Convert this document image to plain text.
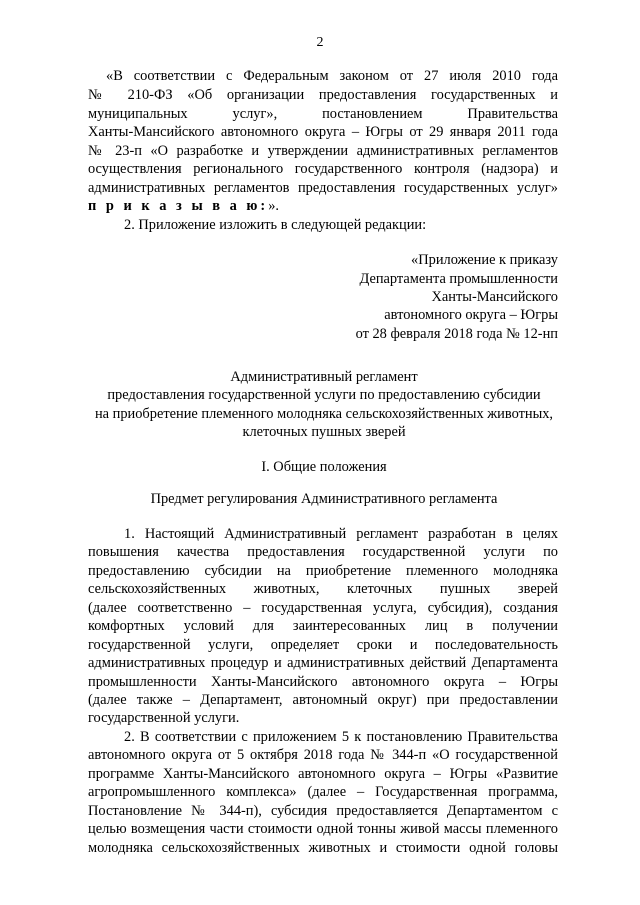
2
«В соответствии с Федеральным законом от 27 июля 2010 года
№ 210-ФЗ «Об организации предоставления государственных и
муниципальных услуг», постановлением Правительства
Ханты-Мансийского автономного округа – Югры от 29 января 2011 года
№ 23-п «О разработке и утверждении административных регламентов
осуществления регионального государственного контроля (надзора) и
административных регламентов предоставления государственных услуг»
п р и к а з ы в а ю:».
2. Приложение изложить в следующей редакции:
«Приложение к приказу
Департамента промышленности
Ханты-Мансийского
автономного округа – Югры
от 28 февраля 2018 года № 12-нп
Административный регламент
предоставления государственной услуги по предоставлению субсидии
на приобретение племенного молодняка сельскохозяйственных животных,
клеточных пушных зверей
I. Общие положения
Предмет регулирования Административного регламента
1. Настоящий Административный регламент разработан в целях
повышения качества предоставления государственной услуги по
предоставлению субсидии на приобретение племенного молодняка
сельскохозяйственных животных, клеточных пушных зверей
(далее соответственно – государственная услуга, субсидия), создания
комфортных условий для заинтересованных лиц в получении
государственной услуги, определяет сроки и последовательность
административных процедур и административных действий Департамента
промышленности Ханты-Мансийского автономного округа – Югры
(далее также – Департамент, автономный округ) при предоставлении
государственной услуги.
2. В соответствии с приложением 5 к постановлению Правительства
автономного округа от 5 октября 2018 года № 344-п «О государственной
программе Ханты-Мансийского автономного округа – Югры «Развитие
агропромышленного комплекса» (далее – Государственная программа,
Постановление № 344-п), субсидия предоставляется Департаментом с
целью возмещения части стоимости одной тонны живой массы племенного
молодняка сельскохозяйственных животных и стоимости одной головы
